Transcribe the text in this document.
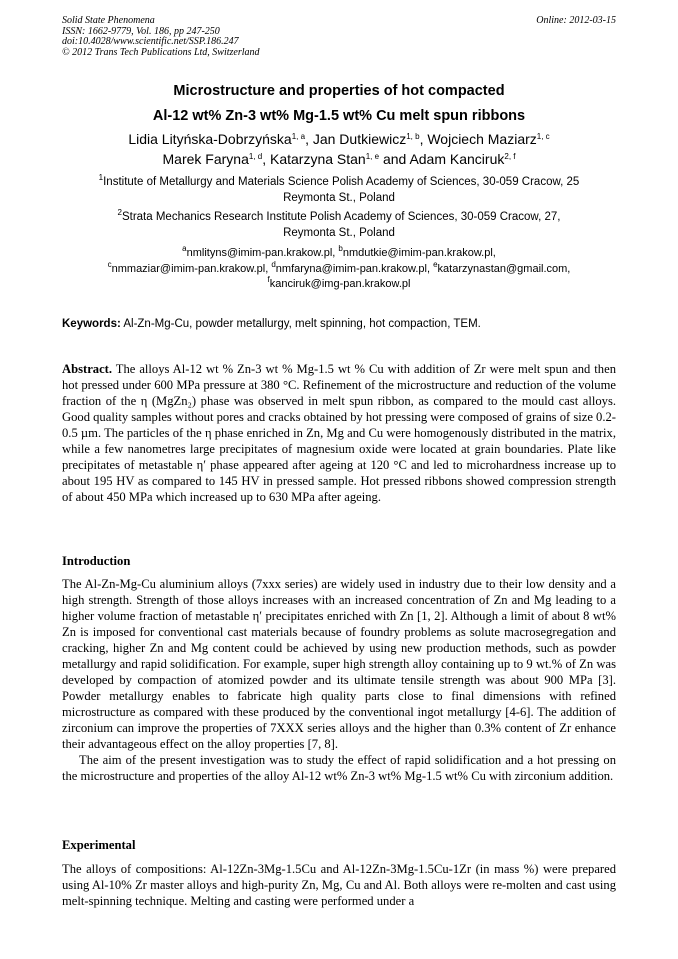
Solid State Phenomena
ISSN: 1662-9779, Vol. 186, pp 247-250
doi:10.4028/www.scientific.net/SSP.186.247
© 2012 Trans Tech Publications Ltd, Switzerland
Online: 2012-03-15
Microstructure and properties of hot compacted
Al-12 wt% Zn-3 wt% Mg-1.5 wt% Cu melt spun ribbons
Lidia Lityńska-Dobrzyńska$^{1, a}$, Jan Dutkiewicz$^{1, b}$, Wojciech Maziarz$^{1, c}$
Marek Faryna$^{1, d}$, Katarzyna Stan$^{1, e}$ and Adam Kanciruk$^{2, f}$
$^1$Institute of Metallurgy and Materials Science Polish Academy of Sciences, 30-059 Cracow, 25
Reymonta St., Poland
$^2$Strata Mechanics Research Institute Polish Academy of Sciences, 30-059 Cracow, 27,
Reymonta St., Poland
$^a$nmlityns@imim-pan.krakow.pl, $^b$nmdutkie@imim-pan.krakow.pl,
$^c$nmmaziar@imim-pan.krakow.pl, $^d$nmfaryna@imim-pan.krakow.pl, $^e$katarzynastan@gmail.com,
$^f$kanciruk@img-pan.krakow.pl
Keywords: Al-Zn-Mg-Cu, powder metallurgy, melt spinning, hot compaction, TEM.
Abstract. The alloys Al-12 wt % Zn-3 wt % Mg-1.5 wt % Cu with addition of Zr were melt spun and then hot pressed under 600 MPa pressure at 380 °C. Refinement of the microstructure and reduction of the volume fraction of the η (MgZn₂) phase was observed in melt spun ribbon, as compared to the mould cast alloys. Good quality samples without pores and cracks obtained by hot pressing were composed of grains of size 0.2-0.5 µm. The particles of the η phase enriched in Zn, Mg and Cu were homogenously distributed in the matrix, while a few nanometres large precipitates of magnesium oxide were located at grain boundaries. Plate like precipitates of metastable η′ phase appeared after ageing at 120 °C and led to microhardness increase up to about 195 HV as compared to 145 HV in pressed sample. Hot pressed ribbons showed compression strength of about 450 MPa which increased up to 630 MPa after ageing.
Introduction

The Al-Zn-Mg-Cu aluminium alloys (7xxx series) are widely used in industry due to their low density and a high strength. Strength of those alloys increases with an increased concentration of Zn and Mg leading to a higher volume fraction of metastable η′ precipitates enriched with Zn [1, 2]. Although a limit of about 8 wt% Zn is imposed for conventional cast materials because of foundry problems as solute macrosegregation and cracking, higher Zn and Mg content could be achieved by using new production methods, such as powder metallurgy and rapid solidification. For example, super high strength alloy containing up to 9 wt.% of Zn was developed by compaction of atomized powder and its ultimate tensile strength was about 900 MPa [3]. Powder metallurgy enables to fabricate high quality parts close to final dimensions with refined microstructure as compared with these produced by the conventional ingot metallurgy [4-6]. The addition of zirconium can improve the properties of 7XXX series alloys and the higher than 0.3% content of Zr enhance their advantageous effect on the alloy properties [7, 8].

The aim of the present investigation was to study the effect of rapid solidification and a hot pressing on the microstructure and properties of the alloy Al-12 wt% Zn-3 wt% Mg-1.5 wt% Cu with zirconium addition.

Experimental
The alloys of compositions: Al-12Zn-3Mg-1.5Cu and Al-12Zn-3Mg-1.5Cu-1Zr (in mass %) were prepared using Al-10% Zr master alloys and high-purity Zn, Mg, Cu and Al. Both alloys were re-molten and cast using melt-spinning technique. Melting and casting were performed under a
